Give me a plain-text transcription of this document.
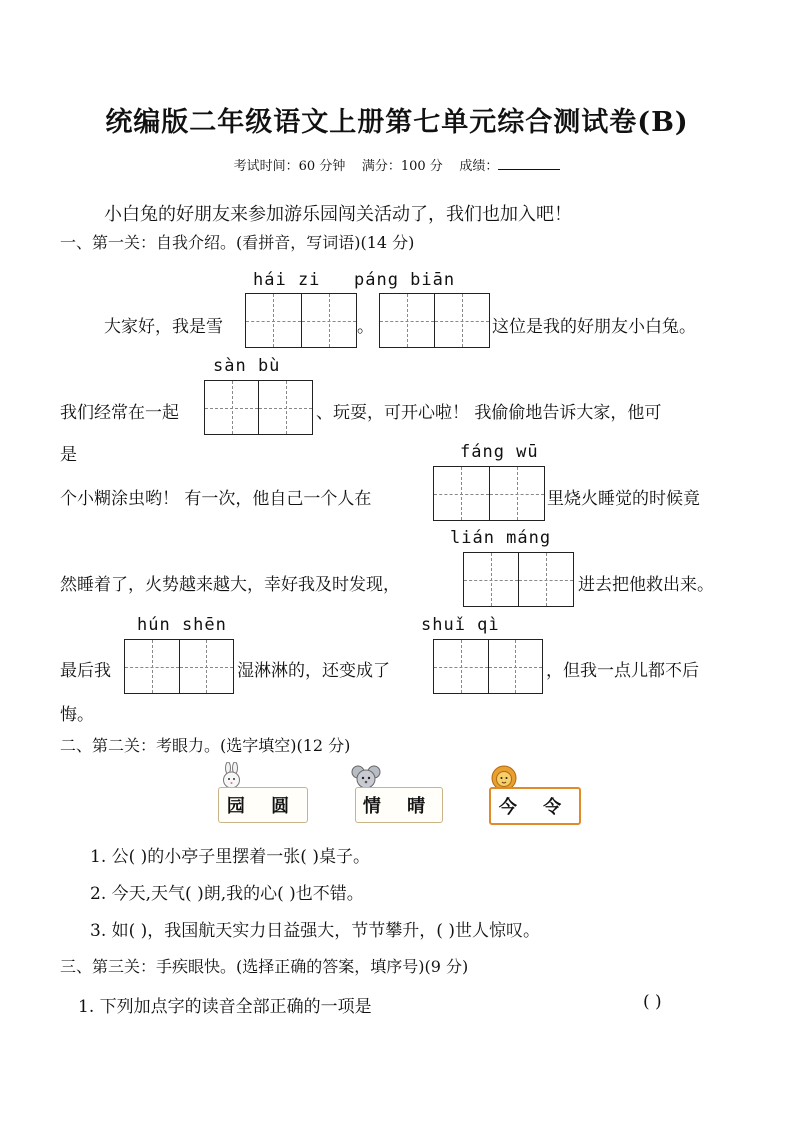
统编版二年级语文上册第七单元综合测试卷(B)
考试时间：60 分钟 满分：100 分 成绩：
小白兔的好朋友来参加游乐园闯关活动了，我们也加入吧！
一、第一关：自我介绍。(看拼音，写词语)(14 分)
hái zi páng biān
大家好，我是雪	。	这位是我的好朋友小白兔。
sàn bù
我们经常在一起	、玩耍，可开心啦！ 我偷偷地告诉大家，他可
是	fáng wū
个小糊涂虫哟！ 有一次，他自己一个人在	里烧火睡觉的时候竟
lián máng
然睡着了，火势越来越大，幸好我及时发现，	进去把他救出来。
hún shēn	shuǐ qì
最后我	湿淋淋的，还变成了	，但我一点儿都不后
悔。
二、第二关：考眼力。(选字填空)(12 分)
园 圆	情 晴	今 令
1. 公( )的小亭子里摆着一张( )桌子。
2. 今天,天气( )朗,我的心( )也不错。
3. 如( )，我国航天实力日益强大，节节攀升，( )世人惊叹。
三、第三关：手疾眼快。(选择正确的答案，填序号)(9 分)
1. 下列加点字的读音全部正确的一项是	( )
